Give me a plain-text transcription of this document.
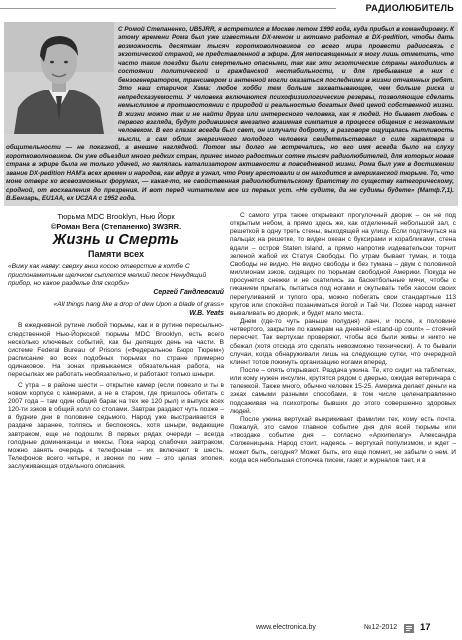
РАДИОЛЮБИТЕЛЬ
С Ромой Степаненко, UB5JRR, я встретился в Москве летом 1990 года, куда прибыл в командировку. К этому времени Рома был уже известным DX-меном и активно работал в DX-pedition, чтобы дать возможность десяткам тысяч коротковолновиков со всего мира провести радиосвязь с экзотической страной, не представленной в эфире. Для непосвященных я могу лишь отметить, что часто такие поездки были смертельно опасными, так как эти экзотические страны находились в состоянии политической и гражданской нестабильности, и для пребывания в них с бензогенератором, трансивером и антенной могли оказаться последними в жизни отчаянных ребят. Это наш старичок Хэма: любое хобби тем больше захватывающее, чем больше риска и непредсказуемости. У человека включаются психофизиологические резервы, позволяющие сделать немыслимое в противостоянии с природой и реальностью богатых дней ценой собственной жизни. В жизни можно так и не найти друга или интересного человека, как я людей. Но бывает любовь с первого взгляда, будут родившиеся внезапно взаимная симпатия в процессе общения с незнакомым человеком. В его глазах всегда был свет, он излучали доброту, в разговоре ощущалась пытливость мысли, а сам облик энергичного молодого человека свидетельствовал о силе характера и общительности — не показной, а внешне наглядной. Потом мы долго не встречались, но его имя всегда было на слуху коротковолновиков. Он уже объездил много редких стран, принес много радостных сотне тысяч радиолюбителей, для которых новая страна в эфире была не только удачей, но являлась катализатором активности в повседневной жизни. Рома был уже в достижении звание DX-pedition HAM'a всех времен и народов, как вдруг в узнал, что Рому арестовали и он находится в американской тюрьме. То, что моне отверг ко всевозможных форумах, — какая-то, не свойственная радиолюбительскому братству по существу категорическому, сродной, от восхваления до презрения. И вот перед читателем все из первых уст. «Не судите, да не судимы будете» (Матф.7,1). В.Бензарь, EU1AA, ex UC2AA с 1952 года.
Тюрьма MDC Brooklyn, Нью Йорк
©Роман Вега (Степаненко) 3W3RR.
Жизнь и Смерть
Памяти всех
«Вижу как наяву: сверху вниз косою отверстие в котбе С приспонаметным щелчком сыплется мелкий песок Ненудящий прибор, но какое разделье для скорби»
Сергей Гандлевский
«All things hang like a drop of dew Upon a blade of grass»
W.B. Yeats

В ежедневной рутине любой тюрьмы, как и в рутине пересыльно-следственной Нью-Йоркской тюрьмы MDC Brooklyn, есть всего несколько ключевых событий, как бы делящих день на части. В системе Federal Bureau of Prisons («Федеральное Бюро Тюрем») расписание во всех подобных тюрьмах по стране примерно одинаковое. На зонах привыкаемся обязательная работа, на пересылках же работать необязательно, и работают только шныри.

С утра – в районе шести – открытие камер (если повезло и ты в новом корпусе с камерами, а не в старом, где пришлось обитать с 2007 года – там один общий барак на тех же 120 рыл) и выпуск всех 120-ти зэков в общий холл со столами. Завтрак раздают чуть позже – в будние дни в половине седьмого. Народ уже выстраивается в раздаче заранее, толпясь и беспокоясь, хотя шныри, ведающие завтраком, еще не подошли. В первых рядах очереди – всегда голодные доминиканцы и мексы. Пока народ слабочки завтраком, можно занять очередь к телефонам – их включают в шесть. Телефонов всего четыре, и звонки по ним – это целая эпопея, заслуживающая отдельного описания.

С самого утра также открывают прогулочный дворик – он не под открытым небом, а прямо здесь же, как отделенный небольшой зал, с решеткой в одну треть стены, выходящей на улицу. Если подтянуться на пальцах на решетке, то виден океан с буксирами и корабликами, стена вдали – остров Staten Island, а прямо напротив издевательски торчит зеленой жабой их Статуя Свободы. По утрам бывает туман, и тогда Свободы не видно. Не видно свободы и без тумана – двум с половиной миллионам зэков, сидящих по тюрьмам свободной Америки. Покуда не просунется снежки и не скатились за баскетбольные мячи, чтобы с гиканием прыгать, пытаться под ногами и окутывать тебя хаосом своих перегуливаний и тупого ора, можно побегать свои стандартные 113 кругов или спокойно позаниматься йогой и Тай Чи. Позже народ начнет вываливать во двориk, и будет мало места.

Днем (где-то чуть раньше полудня) ланч, и после, к половине четвертого, закрытие по камерам на дневной «stand-up count» – стоячий пересчет. Так вертухаи проверяют, чтобы все были живы и никто не сбежал (хотя отсюда это сделать невозможно технически). А то бывали случаи, когда обнаруживали лишь на следующие сутки, что очередной клиент тотов покинуть организацию ногами вперед.

После – опять открывают. Раздача ужина. Те, кто сидит на таблетках, или кому нужен инсулин, крутятся рядом с дверью, ожидая ветеринара с тележкой. Также много, обычно человек 15-25. Америка делает деньги на зэках самыми разными способами, в том числе целенаправленно подсаживая на психотропы бывших до этого совершенно здоровых людей.

После ужина вертухай выкрикивает фамилии тех, кому есть почта. Пожалуй, это самое главное событие дня для всей тюрьмы или «твоздаке событие дня – согласно «Архипелагу» Александра Солженицына. Народ стоит, надеясь – вертухай популизмом, и ждет – может быть, сегодня? Может быть, его еще помнит, не забыли о нем. И когда вся небольшая стопочка писем, газет и журналов тает, и в

www.electronica.by	№12-2012 17
